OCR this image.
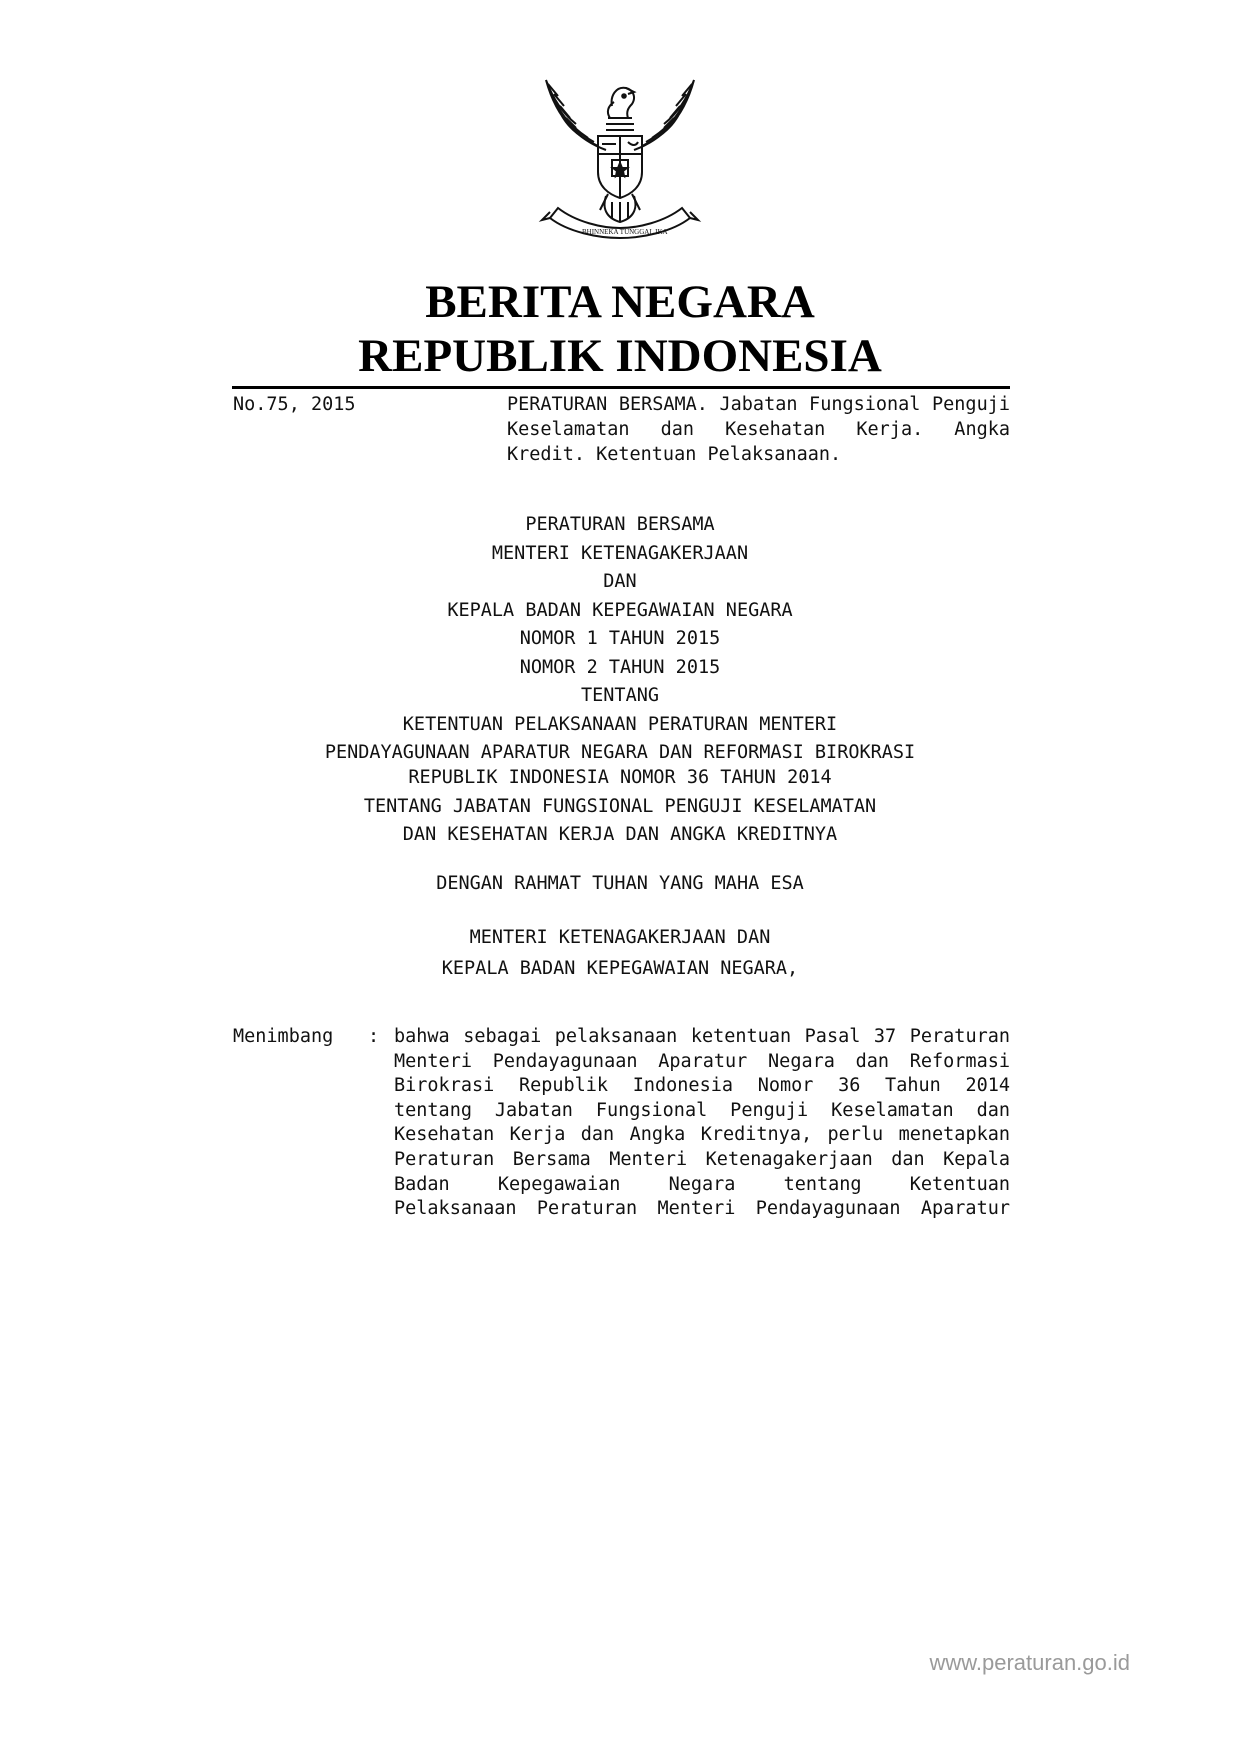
BHINNEKA TUNGGAL IKA
BERITA NEGARA
REPUBLIK INDONESIA
No.75, 2015	PERATURAN BERSAMA. Jabatan Fungsional Penguji Keselamatan dan Kesehatan Kerja. Angka Kredit. Ketentuan Pelaksanaan.
PERATURAN BERSAMA
MENTERI KETENAGAKERJAAN
DAN
KEPALA BADAN KEPEGAWAIAN NEGARA
NOMOR 1 TAHUN 2015
NOMOR 2 TAHUN 2015
TENTANG
KETENTUAN PELAKSANAAN PERATURAN MENTERI
PENDAYAGUNAAN APARATUR NEGARA DAN REFORMASI BIROKRASI
REPUBLIK INDONESIA NOMOR 36 TAHUN 2014
TENTANG JABATAN FUNGSIONAL PENGUJI KESELAMATAN
DAN KESEHATAN KERJA DAN ANGKA KREDITNYA
DENGAN RAHMAT TUHAN YANG MAHA ESA
MENTERI KETENAGAKERJAAN DAN
KEPALA BADAN KEPEGAWAIAN NEGARA,
Menimbang : bahwa sebagai pelaksanaan ketentuan Pasal 37 Peraturan
Menteri Pendayagunaan Aparatur Negara dan Reformasi
Birokrasi Republik Indonesia Nomor 36 Tahun 2014
tentang Jabatan Fungsional Penguji Keselamatan dan
Kesehatan Kerja dan Angka Kreditnya, perlu menetapkan
Peraturan Bersama Menteri Ketenagakerjaan dan Kepala
Badan Kepegawaian Negara tentang Ketentuan
Pelaksanaan Peraturan Menteri Pendayagunaan Aparatur
www.peraturan.go.id
